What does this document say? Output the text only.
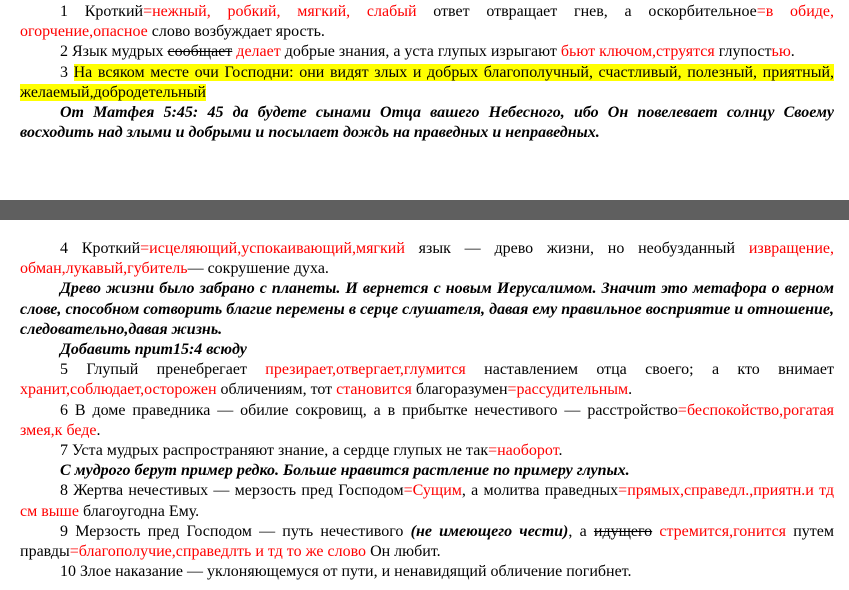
1 Кроткий=нежный, робкий, мягкий, слабый ответ отвращает гнев, а оскорбительное=в обиде, огорчение,опасное слово возбуждает ярость.

2 Язык мудрых сообщает делает добрые знания, а уста глупых изрыгают бьют ключом,струятся глупостью.

3 На всяком месте очи Господни: они видят злых и добрых благополучный, счастливый, полезный, приятный, желаемый,добродетельный

От Матфея 5:45: 45 да будете сынами Отца вашего Небесного, ибо Он повелевает солнцу Своему восходить над злыми и добрыми и посылает дождь на праведных и неправедных.

4 Кроткий=исцеляющий,успокаивающий,мягкий язык — древо жизни, но необузданный извращение, обман,лукавый,губитель— сокрушение духа.

Древо жизни было забрано с планеты. И вернется с новым Иерусалимом. Значит это метафора о верном слове, способном сотворить благие перемены в серце слушателя, давая ему правильное восприятие и отношение, следовательно,давая жизнь.

Добавить прит15:4 всюду

5 Глупый пренебрегает презирает,отвергает,глумится наставлением отца своего; а кто внимает хранит,соблюдает,осторожен обличениям, тот становится благоразумен=рассудительным.

6 В доме праведника — обилие сокровищ, а в прибытке нечестивого — расстройство=беспокойство,рогатая змея,к беде.

7 Уста мудрых распространяют знание, а сердце глупых не так=наоборот.

С мудрого берут пример редко. Больше нравится растление по примеру глупых.

8 Жертва нечестивых — мерзость пред Господом=Сущим, а молитва праведных=прямых,справедл.,приятн.и тд см выше благоугодна Ему.

9 Мерзость пред Господом — путь нечестивого (не имеющего чести), а идущего стремится,гонится путем правды=благополучие,справедлть и тд то же слово Он любит.

10 Злое наказание — уклоняющемуся от пути, и ненавидящий обличение погибнет.
